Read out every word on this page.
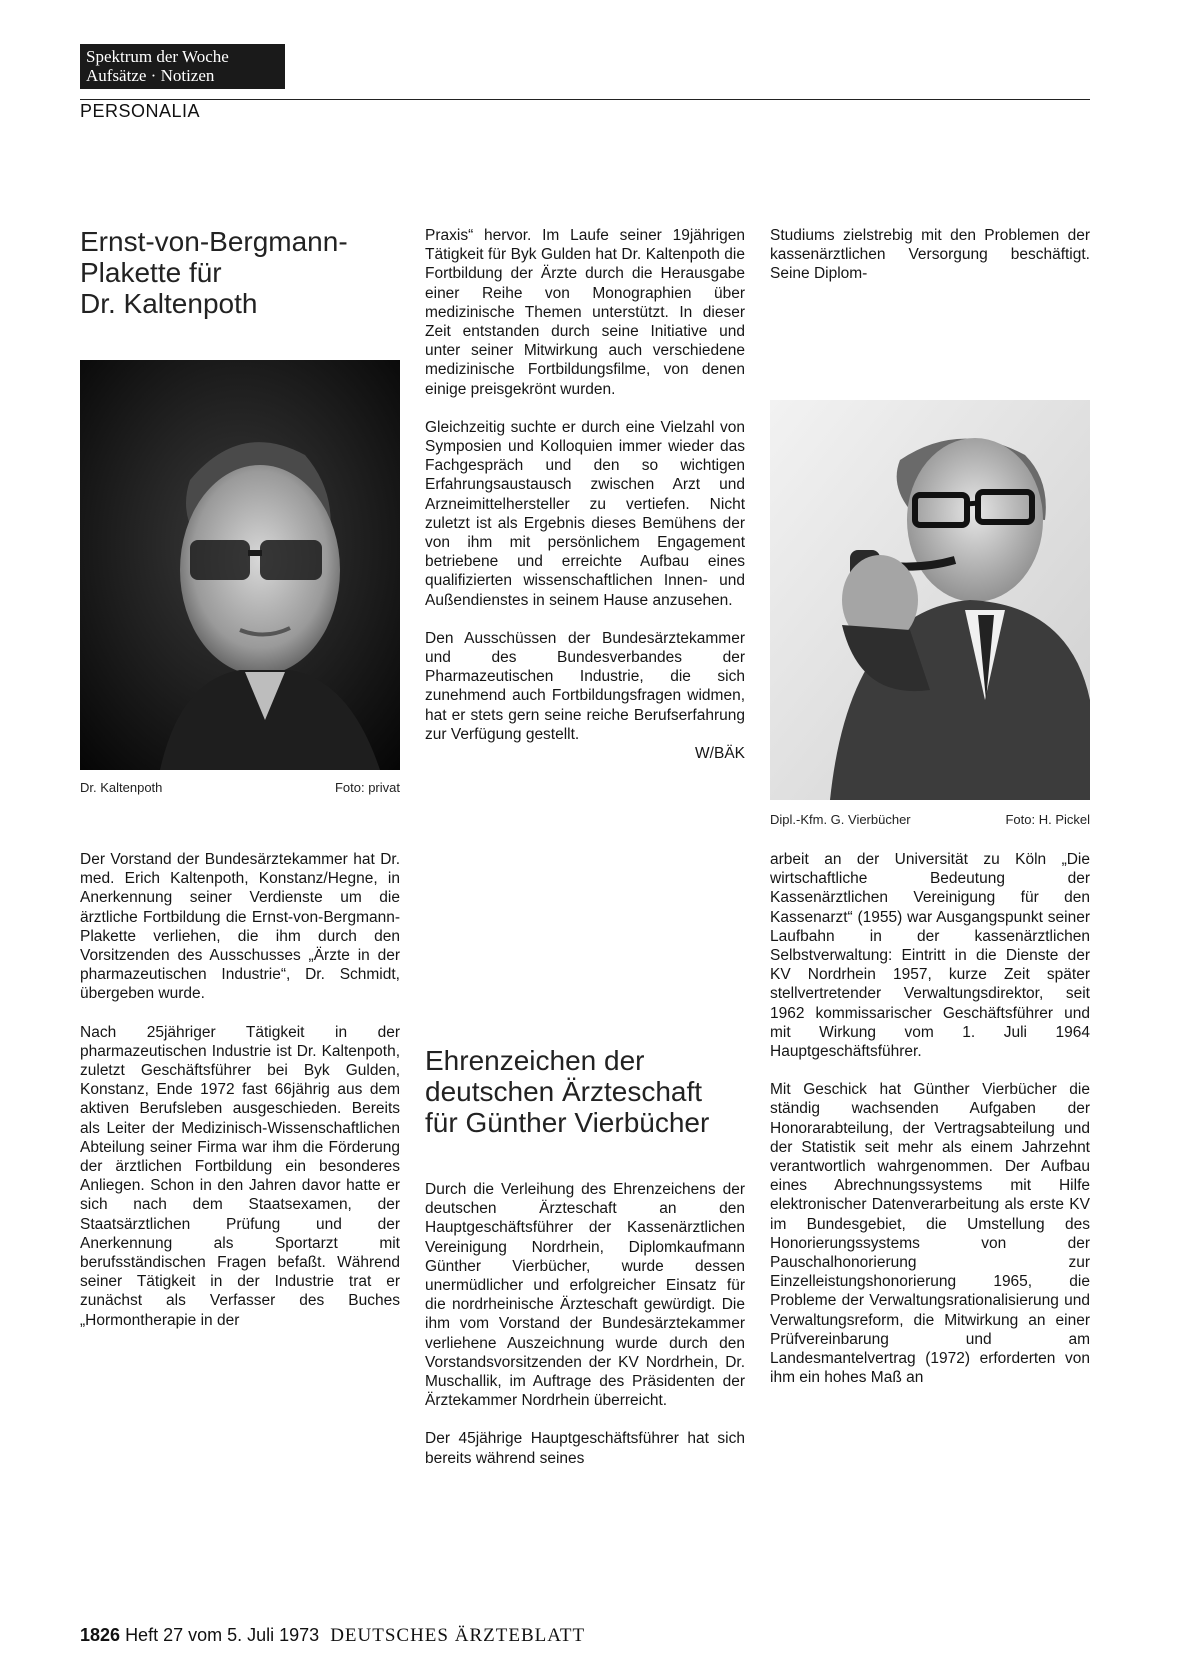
Spektrum der Woche
Aufsätze · Notizen
PERSONALIA
Ernst-von-Bergmann-
Plakette für
Dr. Kaltenpoth
Dr. Kaltenpoth	Foto: privat

Der Vorstand der Bundesärztekammer hat Dr. med. Erich Kaltenpoth, Konstanz/Hegne, in Anerkennung seiner Verdienste um die ärztliche Fortbildung die Ernst-von-Bergmann-Plakette verliehen, die ihm durch den Vorsitzenden des Ausschusses „Ärzte in der pharmazeutischen Industrie“, Dr. Schmidt, übergeben wurde.

Nach 25jähriger Tätigkeit in der pharmazeutischen Industrie ist Dr. Kaltenpoth, zuletzt Geschäftsführer bei Byk Gulden, Konstanz, Ende 1972 fast 66jährig aus dem aktiven Berufsleben ausgeschieden. Bereits als Leiter der Medizinisch-Wissenschaftlichen Abteilung seiner Firma war ihm die Förderung der ärztlichen Fortbildung ein besonderes Anliegen. Schon in den Jahren davor hatte er sich nach dem Staatsexamen, der Staatsärztlichen Prüfung und der Anerkennung als Sportarzt mit berufsständischen Fragen befaßt. Während seiner Tätigkeit in der Industrie trat er zunächst als Verfasser des Buches „Hormontherapie in der

Praxis“ hervor. Im Laufe seiner 19jährigen Tätigkeit für Byk Gulden hat Dr. Kaltenpoth die Fortbildung der Ärzte durch die Herausgabe einer Reihe von Monographien über medizinische Themen unterstützt. In dieser Zeit entstanden durch seine Initiative und unter seiner Mitwirkung auch verschiedene medizinische Fortbildungsfilme, von denen einige preisgekrönt wurden.

Gleichzeitig suchte er durch eine Vielzahl von Symposien und Kolloquien immer wieder das Fachgespräch und den so wichtigen Erfahrungsaustausch zwischen Arzt und Arzneimittelhersteller zu vertiefen. Nicht zuletzt ist als Ergebnis dieses Bemühens der von ihm mit persönlichem Engagement betriebene und erreichte Aufbau eines qualifizierten wissenschaftlichen Innen- und Außendienstes in seinem Hause anzusehen.

Den Ausschüssen der Bundesärztekammer und des Bundesverbandes der Pharmazeutischen Industrie, die sich zunehmend auch Fortbildungsfragen widmen, hat er stets gern seine reiche Berufserfahrung zur Verfügung gestellt.

W/BÄK
Ehrenzeichen der
deutschen Ärzteschaft
für Günther Vierbücher

Durch die Verleihung des Ehrenzeichens der deutschen Ärzteschaft an den Hauptgeschäftsführer der Kassenärztlichen Vereinigung Nordrhein, Diplomkaufmann Günther Vierbücher, wurde dessen unermüdlicher und erfolgreicher Einsatz für die nordrheinische Ärzteschaft gewürdigt. Die ihm vom Vorstand der Bundesärztekammer verliehene Auszeichnung wurde durch den Vorstandsvorsitzenden der KV Nordrhein, Dr. Muschallik, im Auftrage des Präsidenten der Ärztekammer Nordrhein überreicht.

Der 45jährige Hauptgeschäftsführer hat sich bereits während seines

Studiums zielstrebig mit den Problemen der kassenärztlichen Versorgung beschäftigt. Seine Diplom-

Dipl.-Kfm. G. Vierbücher	Foto: H. Pickel

arbeit an der Universität zu Köln „Die wirtschaftliche Bedeutung der Kassenärztlichen Vereinigung für den Kassenarzt“ (1955) war Ausgangspunkt seiner Laufbahn in der kassenärztlichen Selbstverwaltung: Eintritt in die Dienste der KV Nordrhein 1957, kurze Zeit später stellvertretender Verwaltungsdirektor, seit 1962 kommissarischer Geschäftsführer und mit Wirkung vom 1. Juli 1964 Hauptgeschäftsführer.

Mit Geschick hat Günther Vierbücher die ständig wachsenden Aufgaben der Honorarabteilung, der Vertragsabteilung und der Statistik seit mehr als einem Jahrzehnt verantwortlich wahrgenommen. Der Aufbau eines Abrechnungssystems mit Hilfe elektronischer Datenverarbeitung als erste KV im Bundesgebiet, die Umstellung des Honorierungssystems von der Pauschalhonorierung zur Einzelleistungshonorierung 1965, die Probleme der Verwaltungsrationalisierung und Verwaltungsreform, die Mitwirkung an einer Prüfvereinbarung und am Landesmantelvertrag (1972) erforderten von ihm ein hohes Maß an

1826 Heft 27 vom 5. Juli 1973 DEUTSCHES ÄRZTEBLATT
